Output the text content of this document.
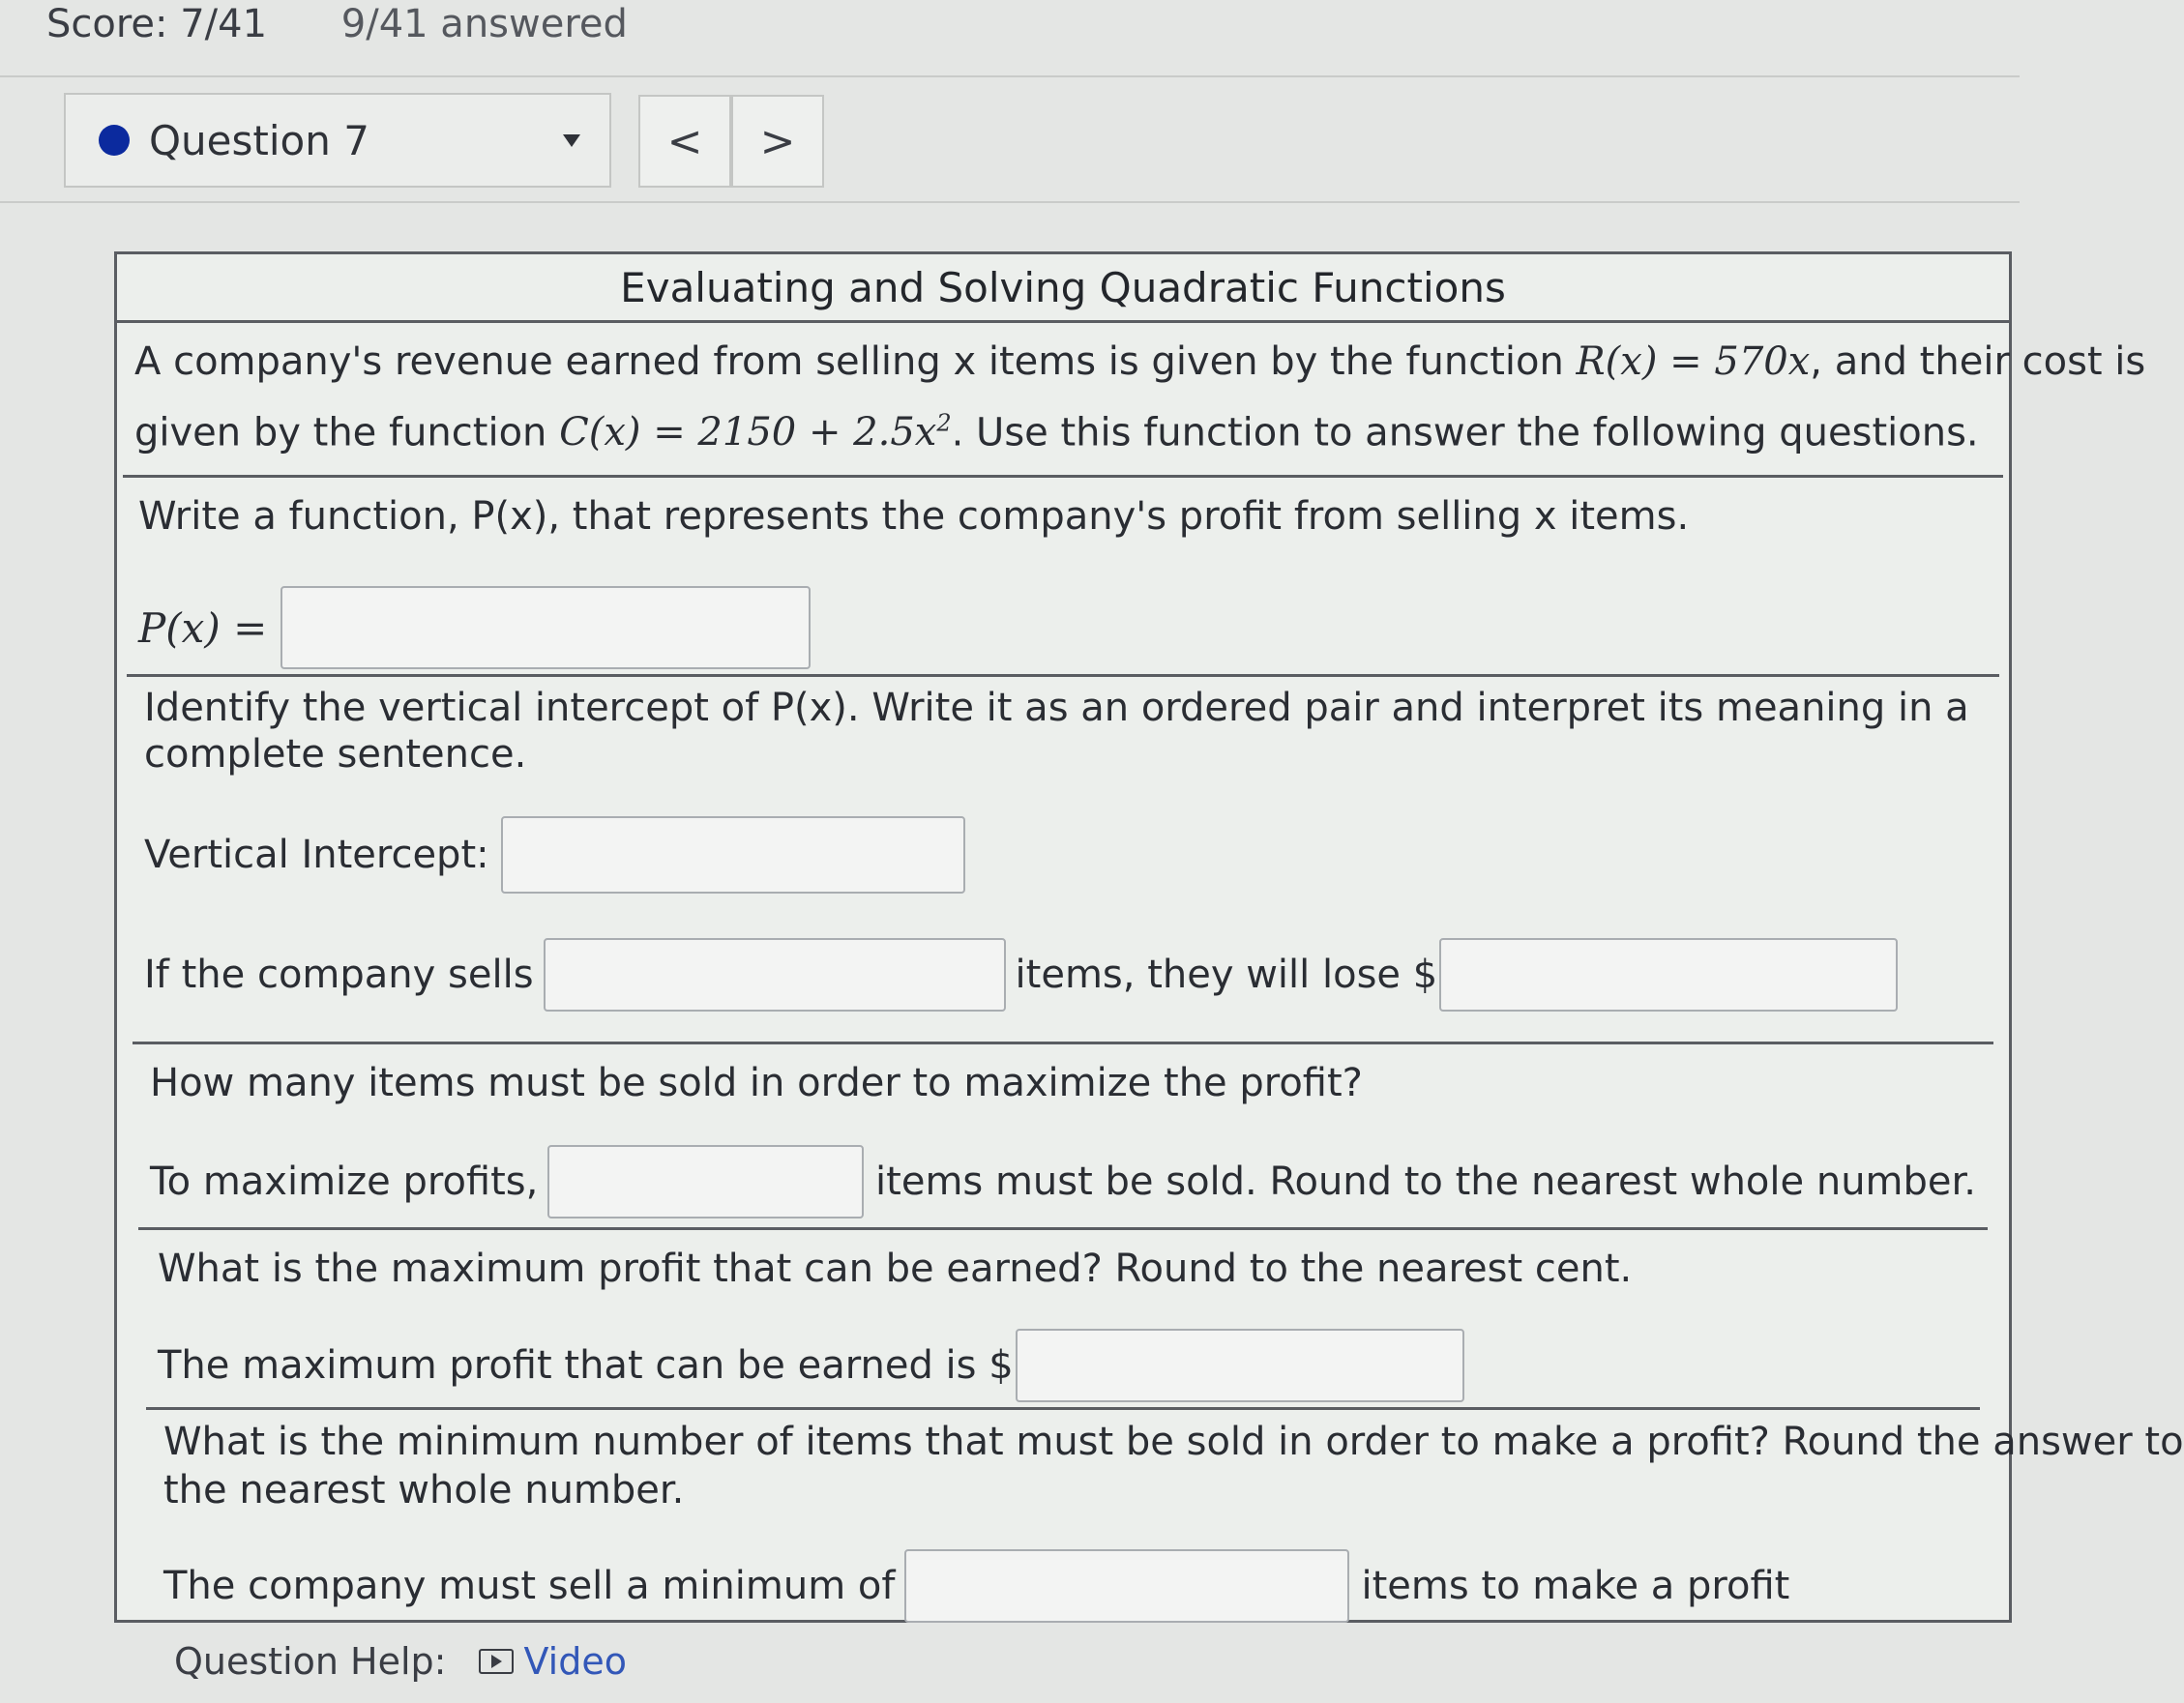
Score: 7/41 9/41 answered
Question 7	<	>
Evaluating and Solving Quadratic Functions
A company's revenue earned from selling x items is given by the function R(x) = 570x, and their cost is
given by the function $C(x) = 2150 + 2.5x^2$. Use this function to answer the following questions.
Write a function, P(x), that represents the company's profit from selling x items.
P(x) =
Identify the vertical intercept of P(x). Write it as an ordered pair and interpret its meaning in a
complete sentence.
Vertical Intercept:
If the company sells	items, they will lose $
How many items must be sold in order to maximize the profit?
To maximize profits,	items must be sold. Round to the nearest whole number.
What is the maximum profit that can be earned? Round to the nearest cent.
The maximum profit that can be earned is $
What is the minimum number of items that must be sold in order to make a profit? Round the answer to
the nearest whole number.
The company must sell a minimum of	items to make a profit
Question Help: Video
